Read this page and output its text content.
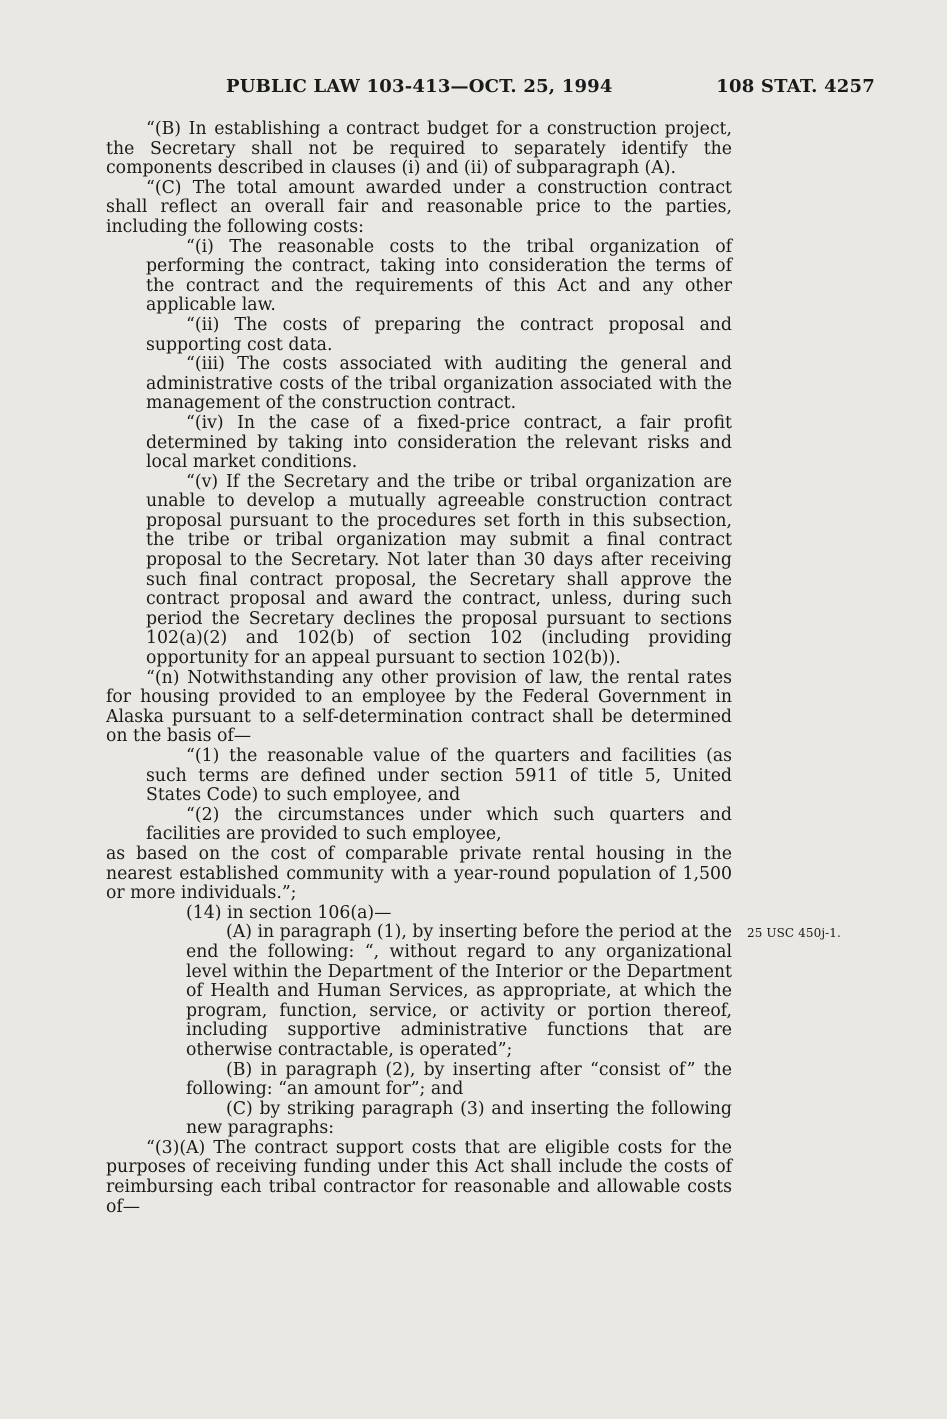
PUBLIC LAW 103-413—OCT. 25, 1994	108 STAT. 4257

“(B) In establishing a contract budget for a construction project, the Secretary shall not be required to separately identify the components described in clauses (i) and (ii) of subparagraph (A).

“(C) The total amount awarded under a construction contract shall reflect an overall fair and reasonable price to the parties, including the following costs:

“(i) The reasonable costs to the tribal organization of performing the contract, taking into consideration the terms of the contract and the requirements of this Act and any other applicable law.

“(ii) The costs of preparing the contract proposal and supporting cost data.

“(iii) The costs associated with auditing the general and administrative costs of the tribal organization associated with the management of the construction contract.

“(iv) In the case of a fixed-price contract, a fair profit determined by taking into consideration the relevant risks and local market conditions.

“(v) If the Secretary and the tribe or tribal organization are unable to develop a mutually agreeable construction contract proposal pursuant to the procedures set forth in this subsection, the tribe or tribal organization may submit a final contract proposal to the Secretary. Not later than 30 days after receiving such final contract proposal, the Secretary shall approve the contract proposal and award the contract, unless, during such period the Secretary declines the proposal pursuant to sections 102(a)(2) and 102(b) of section 102 (including providing opportunity for an appeal pursuant to section 102(b)).

“(n) Notwithstanding any other provision of law, the rental rates for housing provided to an employee by the Federal Government in Alaska pursuant to a self-determination contract shall be determined on the basis of—

“(1) the reasonable value of the quarters and facilities (as such terms are defined under section 5911 of title 5, United States Code) to such employee, and

“(2) the circumstances under which such quarters and facilities are provided to such employee,

as based on the cost of comparable private rental housing in the nearest established community with a year-round population of 1,500 or more individuals.”;

(14) in section 106(a)—

(A) in paragraph (1), by inserting before the period at the end the following: “, without regard to any organizational level within the Department of the Interior or the Department of Health and Human Services, as appropriate, at which the program, function, service, or activity or portion thereof, including supportive administrative functions that are otherwise contractable, is operated”;

(B) in paragraph (2), by inserting after “consist of” the following: “an amount for”; and

(C) by striking paragraph (3) and inserting the following new paragraphs:

“(3)(A) The contract support costs that are eligible costs for the purposes of receiving funding under this Act shall include the costs of reimbursing each tribal contractor for reasonable and allowable costs of—

25 USC 450j-1.
